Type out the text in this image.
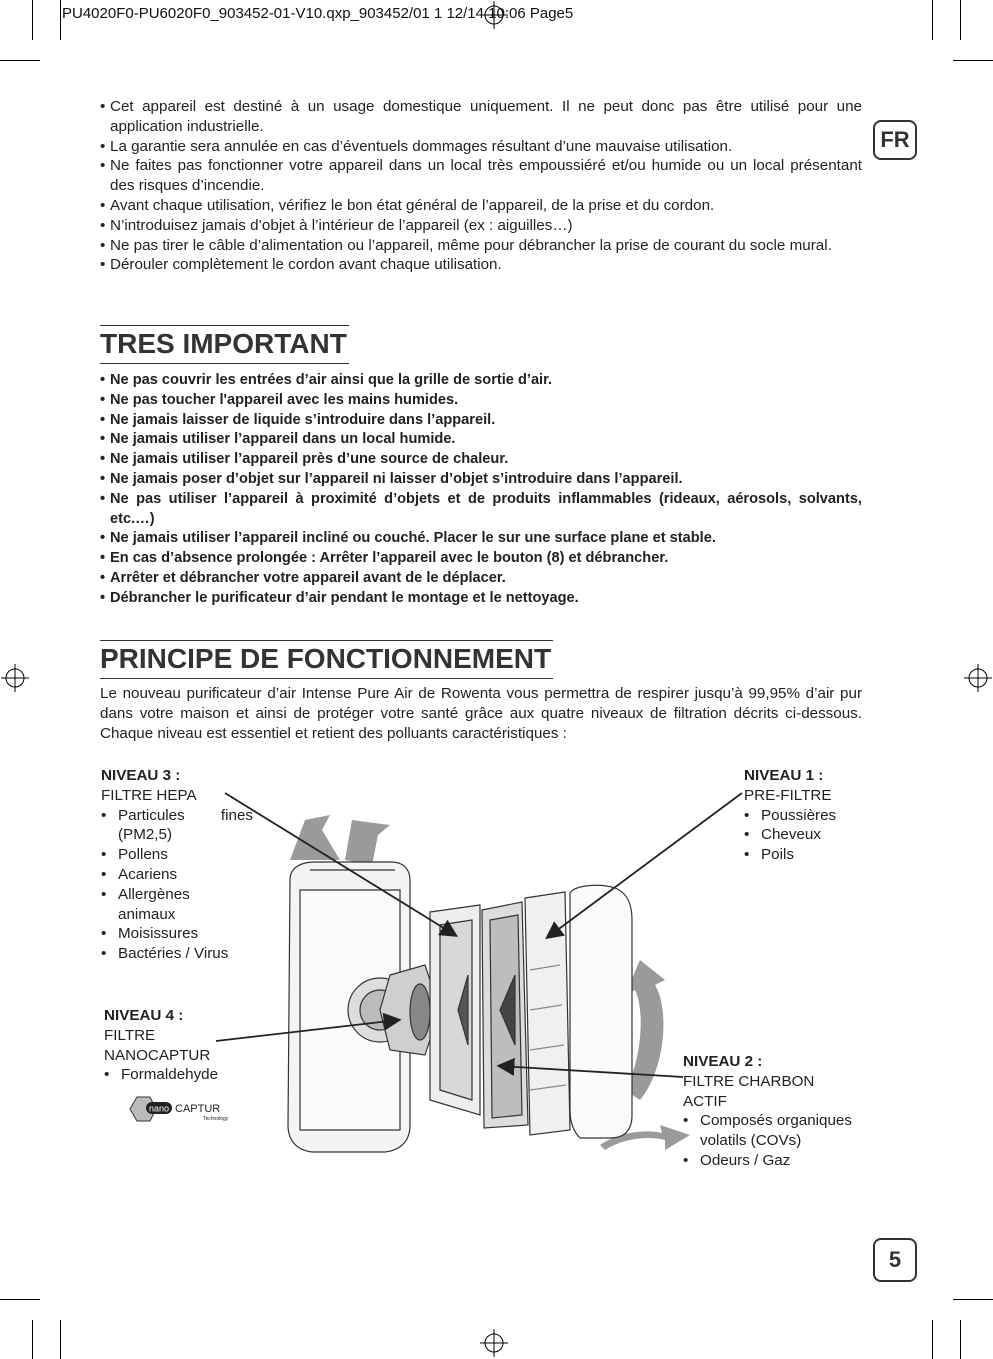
PU4020F0-PU6020F0_903452-01-V10.qxp_903452/01 1 12/14 10:06 Page5
FR
5
• Cet appareil est destiné à un usage domestique uniquement. Il ne peut donc pas être utilisé pour une application industrielle.
• La garantie sera annulée en cas d’éventuels dommages résultant d’une mauvaise utilisation.
• Ne faites pas fonctionner votre appareil dans un local très empoussiéré et/ou humide ou un local présentant des risques d’incendie.
• Avant chaque utilisation, vérifiez le bon état général de l’appareil, de la prise et du cordon.
• N’introduisez jamais d’objet à l’intérieur de l’appareil (ex : aiguilles…)
• Ne pas tirer le câble d’alimentation ou l’appareil, même pour débrancher la prise de courant du socle mural.
• Dérouler complètement le cordon avant chaque utilisation.
TRES IMPORTANT
• Ne pas couvrir les entrées d’air ainsi que la grille de sortie d’air.
• Ne pas toucher l'appareil avec les mains humides.
• Ne jamais laisser de liquide s’introduire dans l’appareil.
• Ne jamais utiliser l’appareil dans un local humide.
• Ne jamais utiliser l’appareil près d’une source de chaleur.
• Ne jamais poser d’objet sur l’appareil ni laisser d’objet s’introduire dans l’appareil.
• Ne pas utiliser l’appareil à proximité d’objets et de produits inflammables (rideaux, aérosols, solvants, etc.…)
• Ne jamais utiliser l’appareil incliné ou couché. Placer le sur une surface plane et stable.
• En cas d’absence prolongée : Arrêter l’appareil avec le bouton (8) et débrancher.
• Arrêter et débrancher votre appareil avant de le déplacer.
• Débrancher le purificateur d’air pendant le montage et le nettoyage.
PRINCIPE DE FONCTIONNEMENT
Le nouveau purificateur d’air Intense Pure Air de Rowenta vous permettra de respirer jusqu’à 99,95% d’air pur dans votre maison et ainsi de protéger votre santé grâce aux quatre niveaux de filtration décrits ci-dessous. Chaque niveau est essentiel et retient des polluants caractéristiques :
NIVEAU 3 :
FILTRE HEPA
• Particules fines (PM2,5)
• Pollens
• Acariens
• Allergènes animaux
• Moisissures
• Bactéries / Virus
NIVEAU 1 :
PRE-FILTRE
• Poussières
• Cheveux
• Poils
NIVEAU 4 :
FILTRE NANOCAPTUR
• Formaldehyde
NIVEAU 2 :
FILTRE CHARBON ACTIF
• Composés organiques volatils (COVs)
• Odeurs / Gaz
nano CAPTUR
Technology
